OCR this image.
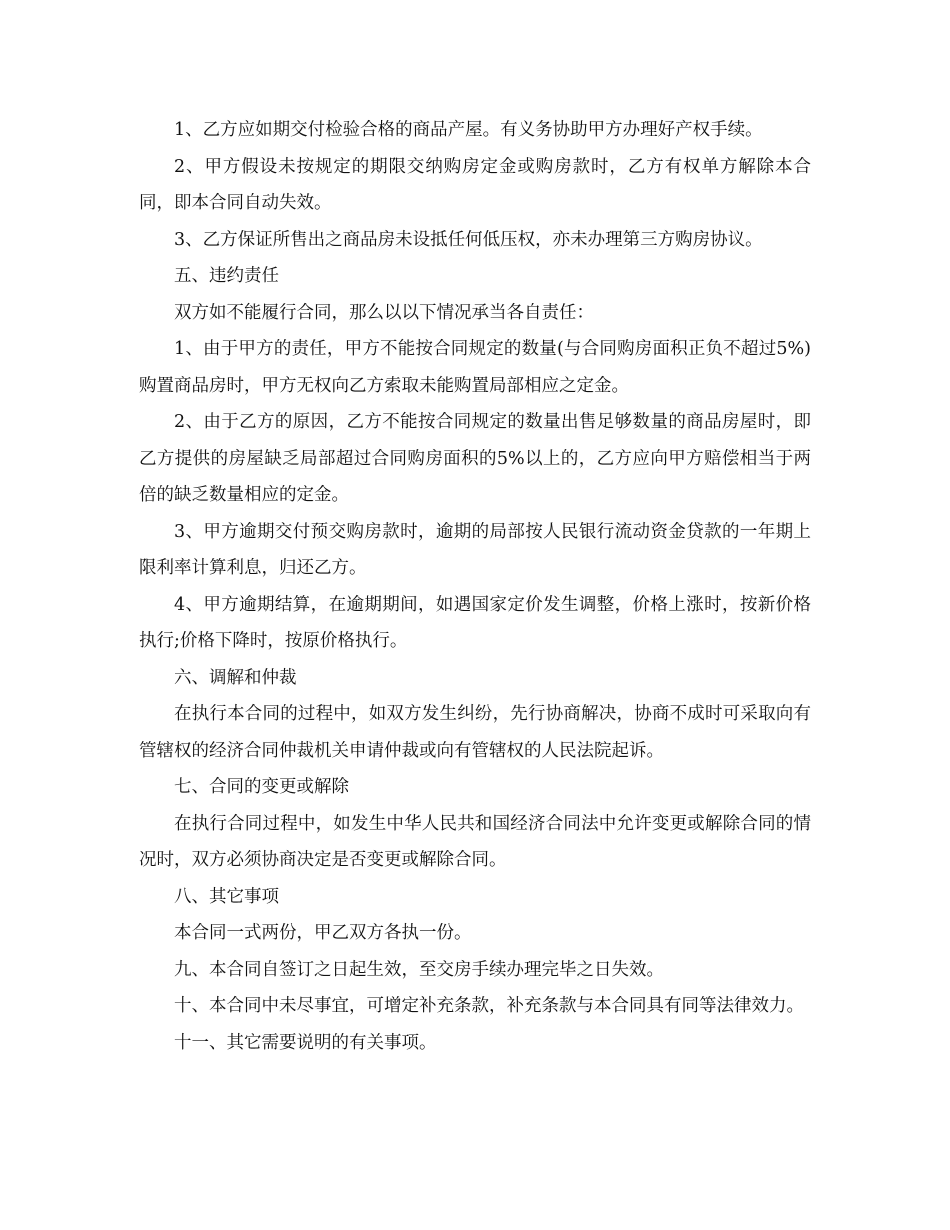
1、乙方应如期交付检验合格的商品产屋。有义务协助甲方办理好产权手续。

2、甲方假设未按规定的期限交纳购房定金或购房款时，乙方有权单方解除本合同，即本合同自动失效。

3、乙方保证所售出之商品房未设抵任何低压权，亦未办理第三方购房协议。

五、违约责任

双方如不能履行合同，那么以以下情况承当各自责任：

1、由于甲方的责任，甲方不能按合同规定的数量(与合同购房面积正负不超过5%)购置商品房时，甲方无权向乙方索取未能购置局部相应之定金。

2、由于乙方的原因，乙方不能按合同规定的数量出售足够数量的商品房屋时，即乙方提供的房屋缺乏局部超过合同购房面积的5%以上的，乙方应向甲方赔偿相当于两倍的缺乏数量相应的定金。

3、甲方逾期交付预交购房款时，逾期的局部按人民银行流动资金贷款的一年期上限利率计算利息，归还乙方。

4、甲方逾期结算，在逾期期间，如遇国家定价发生调整，价格上涨时，按新价格执行;价格下降时，按原价格执行。

六、调解和仲裁

在执行本合同的过程中，如双方发生纠纷，先行协商解决，协商不成时可采取向有管辖权的经济合同仲裁机关申请仲裁或向有管辖权的人民法院起诉。

七、合同的变更或解除

在执行合同过程中，如发生中华人民共和国经济合同法中允许变更或解除合同的情况时，双方必须协商决定是否变更或解除合同。

八、其它事项

本合同一式两份，甲乙双方各执一份。

九、本合同自签订之日起生效，至交房手续办理完毕之日失效。

十、本合同中未尽事宜，可增定补充条款，补充条款与本合同具有同等法律效力。

十一、其它需要说明的有关事项。
